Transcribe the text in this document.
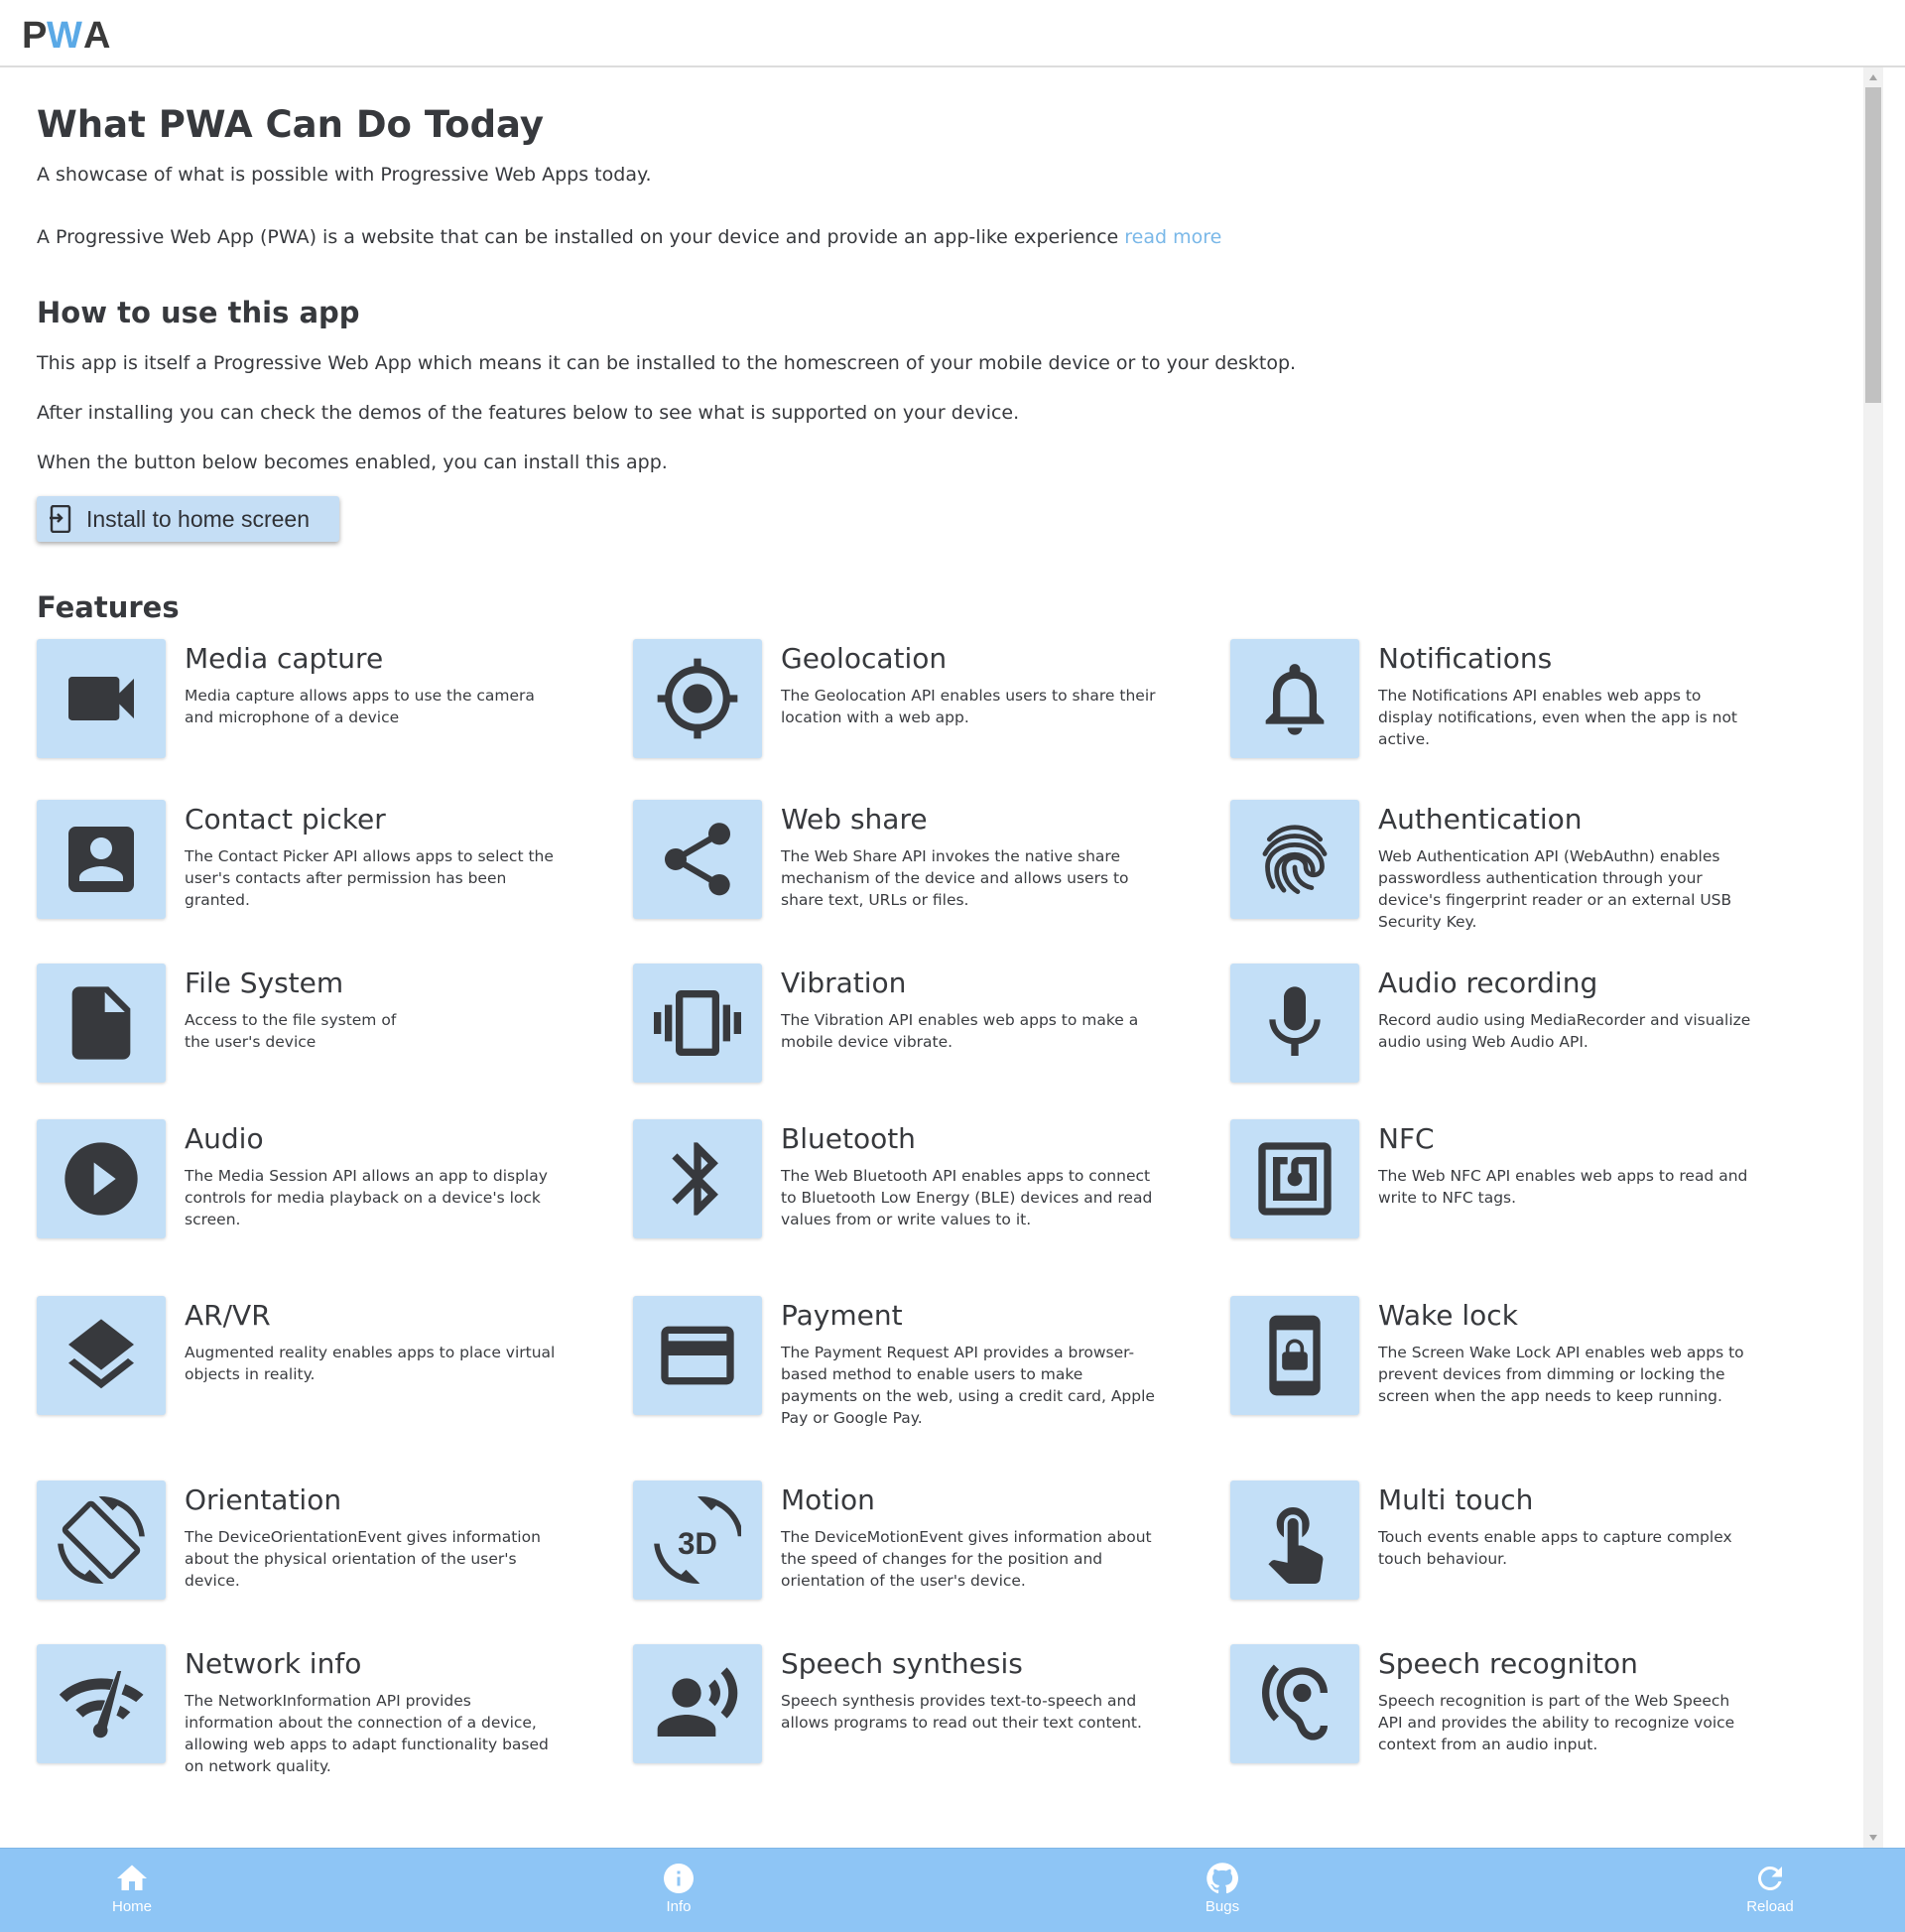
P W A
What PWA Can Do Today

A showcase of what is possible with Progressive Web Apps today.

A Progressive Web App (PWA) is a website that can be installed on your device and provide an app-like experience read more

How to use this app

This app is itself a Progressive Web App which means it can be installed to the homescreen of your mobile device or to your desktop.

After installing you can check the demos of the features below to see what is supported on your device.

When the button below becomes enabled, you can install this app.

Install to home screen
Features
Media capture
Media capture allows apps to use the camera and microphone of a device
Geolocation
The Geolocation API enables users to share their location with a web app.
Notifications
The Notifications API enables web apps to display notifications, even when the app is not active.
Contact picker
The Contact Picker API allows apps to select the user's contacts after permission has been granted.
Web share
The Web Share API invokes the native share mechanism of the device and allows users to share text, URLs or files.
Authentication
Web Authentication API (WebAuthn) enables passwordless authentication through your device's fingerprint reader or an external USB Security Key.
File System
Access to the file system of the user's device
Vibration
The Vibration API enables web apps to make a mobile device vibrate.
Audio recording
Record audio using MediaRecorder and visualize audio using Web Audio API.
Audio
The Media Session API allows an app to display controls for media playback on a device's lock screen.
Bluetooth
The Web Bluetooth API enables apps to connect to Bluetooth Low Energy (BLE) devices and read values from or write values to it.
NFC
The Web NFC API enables web apps to read and write to NFC tags.
AR/VR
Augmented reality enables apps to place virtual objects in reality.
Payment
The Payment Request API provides a browser-based method to enable users to make payments on the web, using a credit card, Apple Pay or Google Pay.
Wake lock
The Screen Wake Lock API enables web apps to prevent devices from dimming or locking the screen when the app needs to keep running.
Orientation
The DeviceOrientationEvent gives information about the physical orientation of the user's device.
3D
Motion
The DeviceMotionEvent gives information about the speed of changes for the position and orientation of the user's device.
Multi touch
Touch events enable apps to capture complex touch behaviour.
Network info
The NetworkInformation API provides information about the connection of a device, allowing web apps to adapt functionality based on network quality.
Speech synthesis
Speech synthesis provides text-to-speech and allows programs to read out their text content.
Speech recogniton
Speech recognition is part of the Web Speech API and provides the ability to recognize voice context from an audio input.
Home	Info	Bugs	Reload
